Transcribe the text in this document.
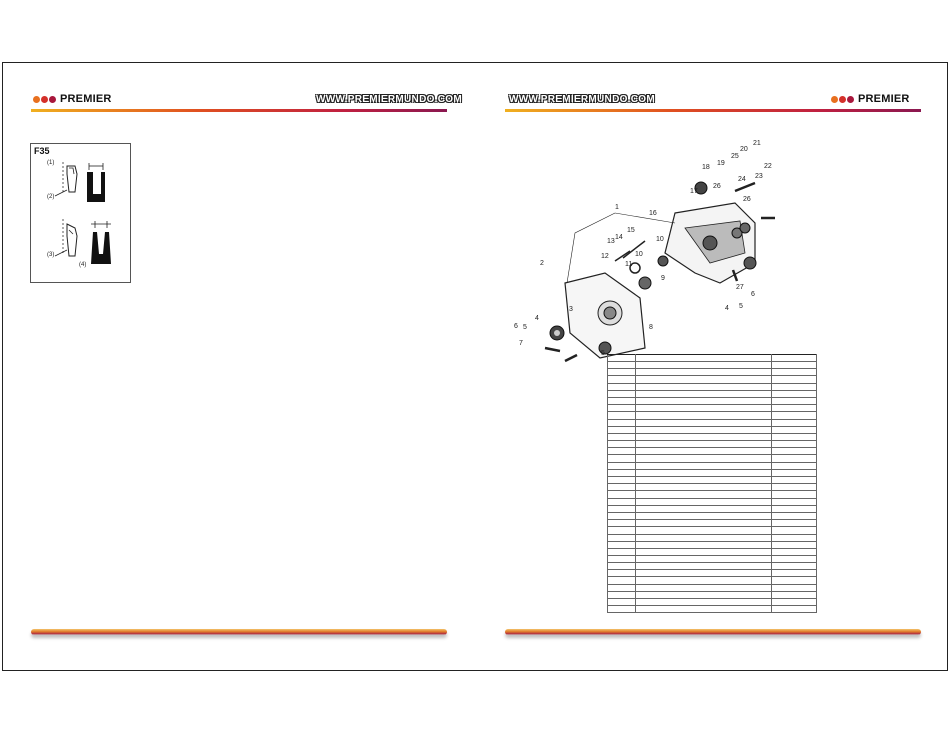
PREMIER	WWW.PREMIERMUNDO.COM
F35
(1)
(2)
(3)
(4)
WWW.PREMIERMUNDO.COM	PREMIER
1
2
3
4
4
5
5
5
6
6
7
8
9
10
10
11
12
13
14
15
16
17
18
19
20
21
22
23
24
25
26
26
27
